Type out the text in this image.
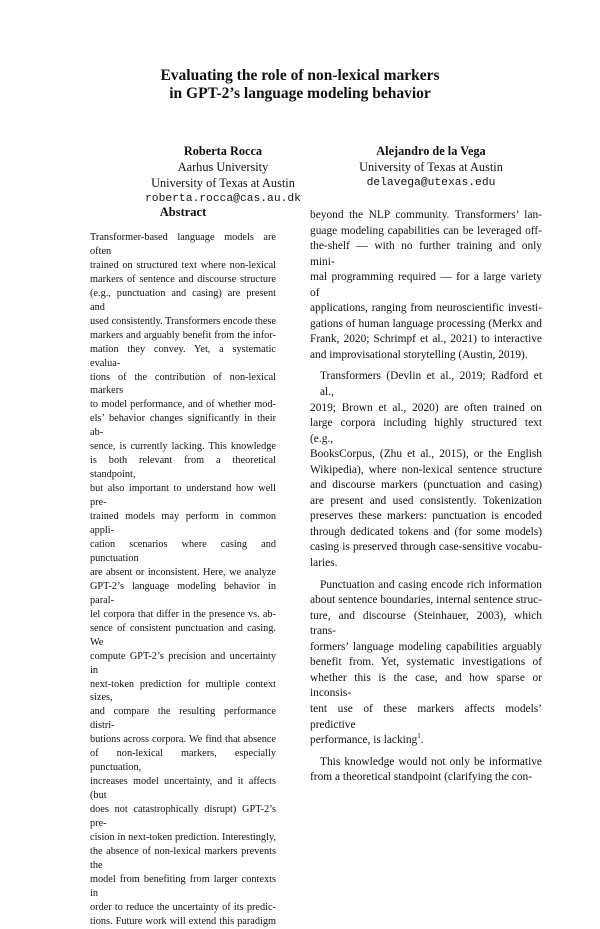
Evaluating the role of non-lexical markers
in GPT-2’s language modeling behavior
Roberta Rocca
Aarhus University
University of Texas at Austin
roberta.rocca@cas.au.dk
Alejandro de la Vega
University of Texas at Austin
delavega@utexas.edu
Abstract
Transformer-based language models are often
trained on structured text where non-lexical
markers of sentence and discourse structure
(e.g., punctuation and casing) are present and
used consistently. Transformers encode these
markers and arguably benefit from the infor-
mation they convey. Yet, a systematic evalua-
tions of the contribution of non-lexical markers
to model performance, and of whether mod-
els’ behavior changes significantly in their ab-
sence, is currently lacking. This knowledge
is both relevant from a theoretical standpoint,
but also important to understand how well pre-
trained models may perform in common appli-
cation scenarios where casing and punctuation
are absent or inconsistent. Here, we analyze
GPT-2’s language modeling behavior in paral-
lel corpora that differ in the presence vs. ab-
sence of consistent punctuation and casing. We
compute GPT-2’s precision and uncertainty in
next-token prediction for multiple context sizes,
and compare the resulting performance distri-
butions across corpora. We find that absence
of non-lexical markers, especially punctuation,
increases model uncertainty, and it affects (but
does not catastrophically disrupt) GPT-2’s pre-
cision in next-token prediction. Interestingly,
the absence of non-lexical markers prevents the
model from benefiting from larger contexts in
order to reduce the uncertainty of its predic-
tions. Future work will extend this paradigm
beyond the NLP community. Transformers’ lan-
guage modeling capabilities can be leveraged off-
the-shelf — with no further training and only mini-
mal programming required — for a large variety of
applications, ranging from neuroscientific investi-
gations of human language processing (Merkx and
Frank, 2020; Schrimpf et al., 2021) to interactive
and improvisational storytelling (Austin, 2019).
Transformers (Devlin et al., 2019; Radford et al.,
2019; Brown et al., 2020) are often trained on
large corpora including highly structured text (e.g.,
BooksCorpus, (Zhu et al., 2015), or the English
Wikipedia), where non-lexical sentence structure
and discourse markers (punctuation and casing)
are present and used consistently. Tokenization
preserves these markers: punctuation is encoded
through dedicated tokens and (for some models)
casing is preserved through case-sensitive vocabu-
laries.
Punctuation and casing encode rich information
about sentence boundaries, internal sentence struc-
ture, and discourse (Steinhauer, 2003), which trans-
formers’ language modeling capabilities arguably
benefit from. Yet, systematic investigations of
whether this is the case, and how sparse or inconsis-
tent use of these markers affects models’ predictive
performance, is lacking$^1$.
This knowledge would not only be informative
from a theoretical standpoint (clarifying the con-
